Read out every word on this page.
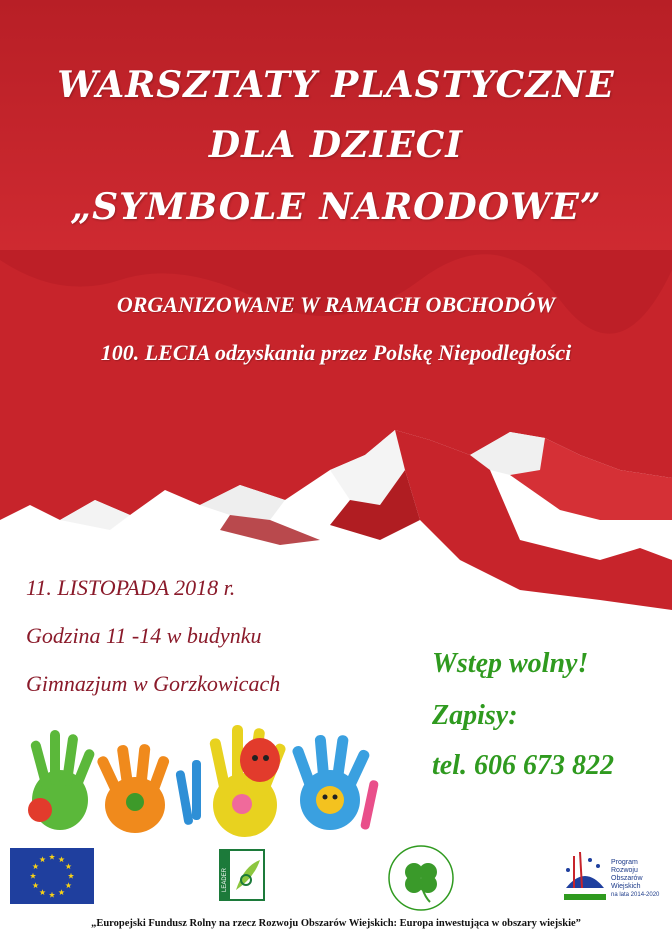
WARSZTATY PLASTYCZNE
DLA DZIECI
„SYMBOLE NARODOWE”
ORGANIZOWANE W RAMACH OBCHODÓW
100. LECIA odzyskania przez Polskę Niepodległości
11. LISTOPADA 2018 r.
Godzina 11 -14 w budynku
Gimnazjum w Gorzkowicach
Wstęp wolny!
Zapisy:
tel. 606 673 822
LEADER
Program
Rozwoju
Obszarów
Wiejskich
na lata 2014-2020
„Europejski Fundusz Rolny na rzecz Rozwoju Obszarów Wiejskich: Europa inwestująca w obszary wiejskie”
